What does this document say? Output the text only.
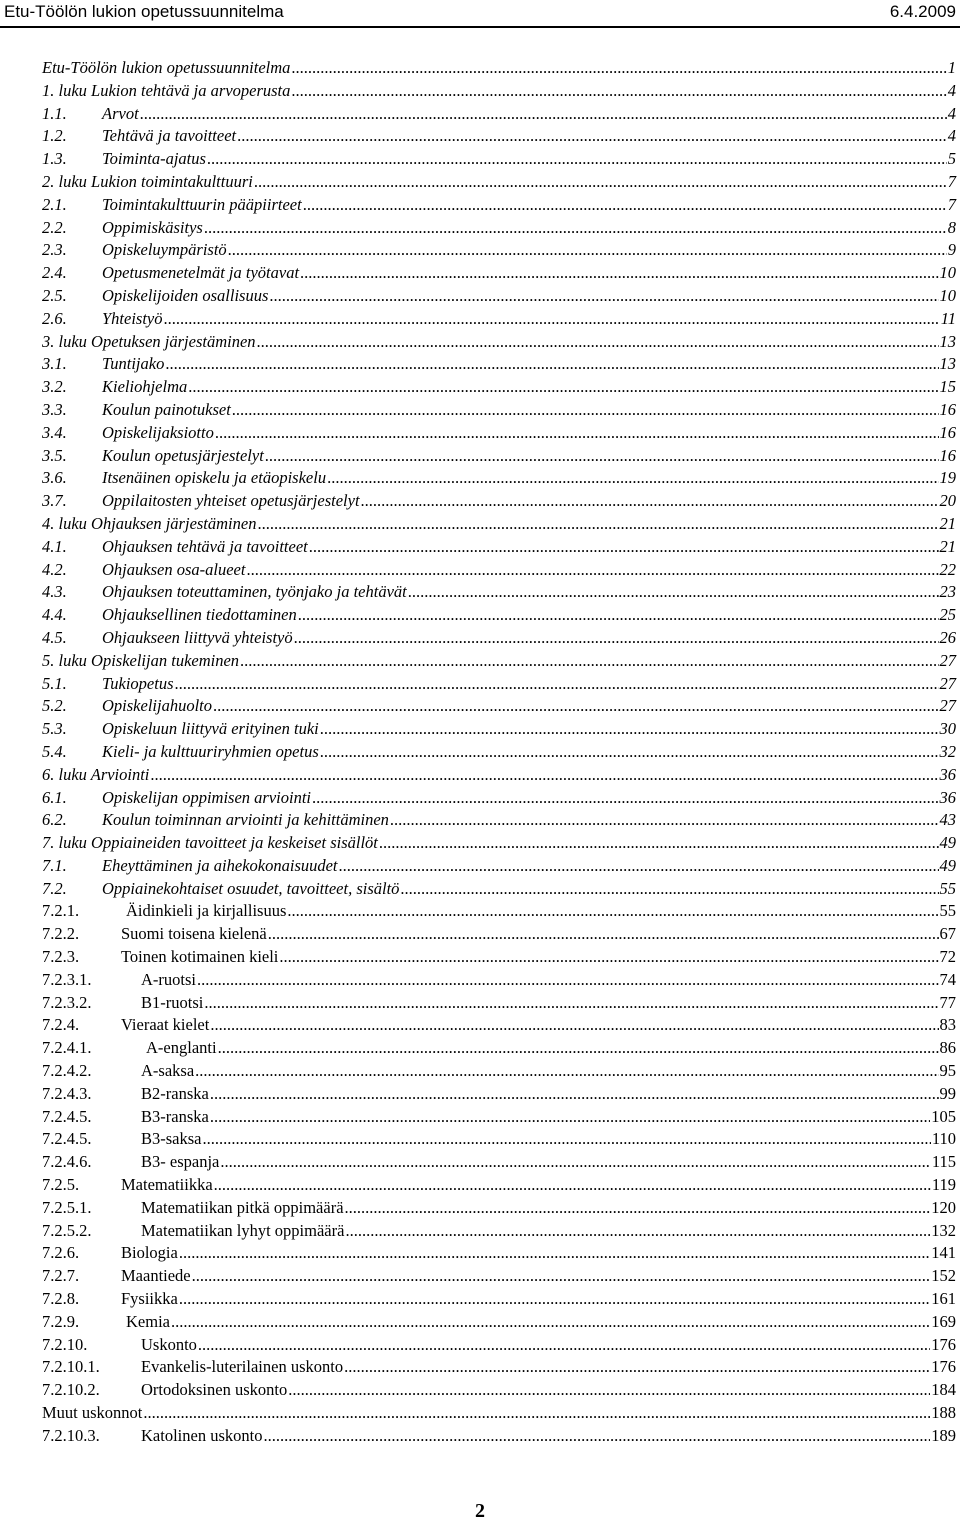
Etu-Töölön lukion opetussuunnitelma	6.4.2009
Etu-Töölön lukion opetussuunnitelma .....	1
1. luku Lukion tehtävä ja arvoperusta .....	4
1.1.	Arvot .....	4
1.2.	Tehtävä ja tavoitteet .....	4
1.3.	Toiminta-ajatus .....	5
2. luku Lukion toimintakulttuuri .....	7
2.1.	Toimintakulttuurin pääpiirteet .....	7
2.2.	Oppimiskäsitys .....	8
2.3.	Opiskeluympäristö .....	9
2.4.	Opetusmenetelmät ja työtavat .....	10
2.5.	Opiskelijoiden osallisuus .....	10
2.6.	Yhteistyö .....	11
3. luku Opetuksen järjestäminen .....	13
3.1.	Tuntijako .....	13
3.2.	Kieliohjelma .....	15
3.3.	Koulun painotukset .....	16
3.4.	Opiskelijaksiotto .....	16
3.5.	Koulun opetusjärjestelyt .....	16
3.6.	Itsenäinen opiskelu ja etäopiskelu .....	19
3.7.	Oppilaitosten yhteiset opetusjärjestelyt .....	20
4. luku Ohjauksen järjestäminen .....	21
4.1.	Ohjauksen tehtävä ja tavoitteet .....	21
4.2.	Ohjauksen osa-alueet .....	22
4.3.	Ohjauksen toteuttaminen, työnjako ja tehtävät .....	23
4.4.	Ohjauksellinen tiedottaminen .....	25
4.5.	Ohjaukseen liittyvä yhteistyö .....	26
5. luku Opiskelijan tukeminen .....	27
5.1.	Tukiopetus .....	27
5.2.	Opiskelijahuolto .....	27
5.3.	Opiskeluun liittyvä erityinen tuki .....	30
5.4.	Kieli- ja kulttuuriryhmien opetus .....	32
6. luku Arviointi .....	36
6.1.	Opiskelijan oppimisen arviointi .....	36
6.2.	Koulun toiminnan arviointi ja kehittäminen .....	43
7. luku Oppiaineiden tavoitteet ja keskeiset sisällöt .....	49
7.1.	Eheyttäminen ja aihekokonaisuudet .....	49
7.2.	Oppiainekohtaiset osuudet, tavoitteet, sisältö .....	55
7.2.1.	Äidinkieli ja kirjallisuus .....	55
7.2.2.	Suomi toisena kielenä .....	67
7.2.3.	Toinen kotimainen kieli .....	72
7.2.3.1.	A-ruotsi .....	74
7.2.3.2.	B1-ruotsi .....	77
7.2.4.	Vieraat kielet .....	83
7.2.4.1.	A-englanti .....	86
7.2.4.2.	A-saksa .....	95
7.2.4.3.	B2-ranska .....	99
7.2.4.5.	B3-ranska .....	105
7.2.4.5.	B3-saksa .....	110
7.2.4.6.	B3- espanja .....	115
7.2.5.	Matematiikka .....	119
7.2.5.1.	Matematiikan pitkä oppimäärä .....	120
7.2.5.2.	Matematiikan lyhyt oppimäärä .....	132
7.2.6.	Biologia .....	141
7.2.7.	Maantiede .....	152
7.2.8.	Fysiikka .....	161
7.2.9.	Kemia .....	169
7.2.10.	Uskonto .....	176
7.2.10.1.	Evankelis-luterilainen uskonto .....	176
7.2.10.2.	Ortodoksinen uskonto .....	184
Muut uskonnot .....	188
7.2.10.3.	Katolinen uskonto .....	189
2
